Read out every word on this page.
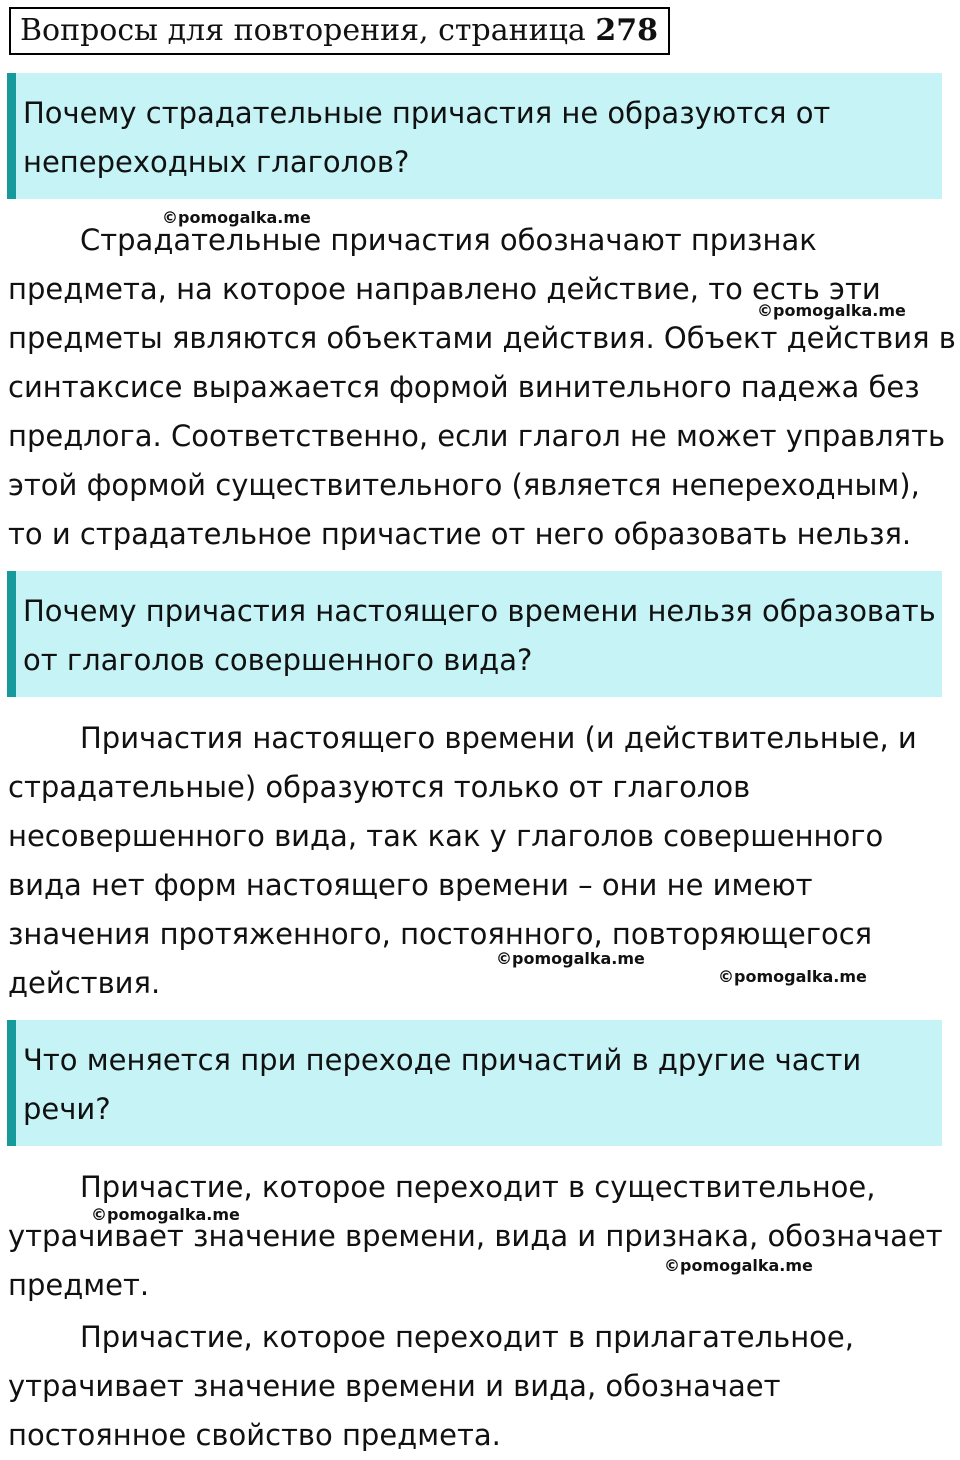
Вопросы для повторения, страница 278
Почему страдательные причастия не образуются от непереходных глаголов?

Страдательные причастия обозначают признак предмета, на которое направлено действие, то есть эти предметы являются объектами действия. Объект действия в синтаксисе выражается формой винительного падежа без предлога. Соответственно, если глагол не может управлять этой формой существительного (является непереходным), то и страдательное причастие от него образовать нельзя.

Почему причастия настоящего времени нельзя образовать от глаголов совершенного вида?

Причастия настоящего времени (и действительные, и страдательные) образуются только от глаголов несовершенного вида, так как у глаголов совершенного вида нет форм настоящего времени – они не имеют значения протяженного, постоянного, повторяющегося действия.

Что меняется при переходе причастий в другие части речи?

Причастие, которое переходит в существительное, утрачивает значение времени, вида и признака, обозначает предмет.

Причастие, которое переходит в прилагательное, утрачивает значение времени и вида, обозначает постоянное свойство предмета.

©pomogalka.me
©pomogalka.me
©pomogalka.me
©pomogalka.me
©pomogalka.me
©pomogalka.me
